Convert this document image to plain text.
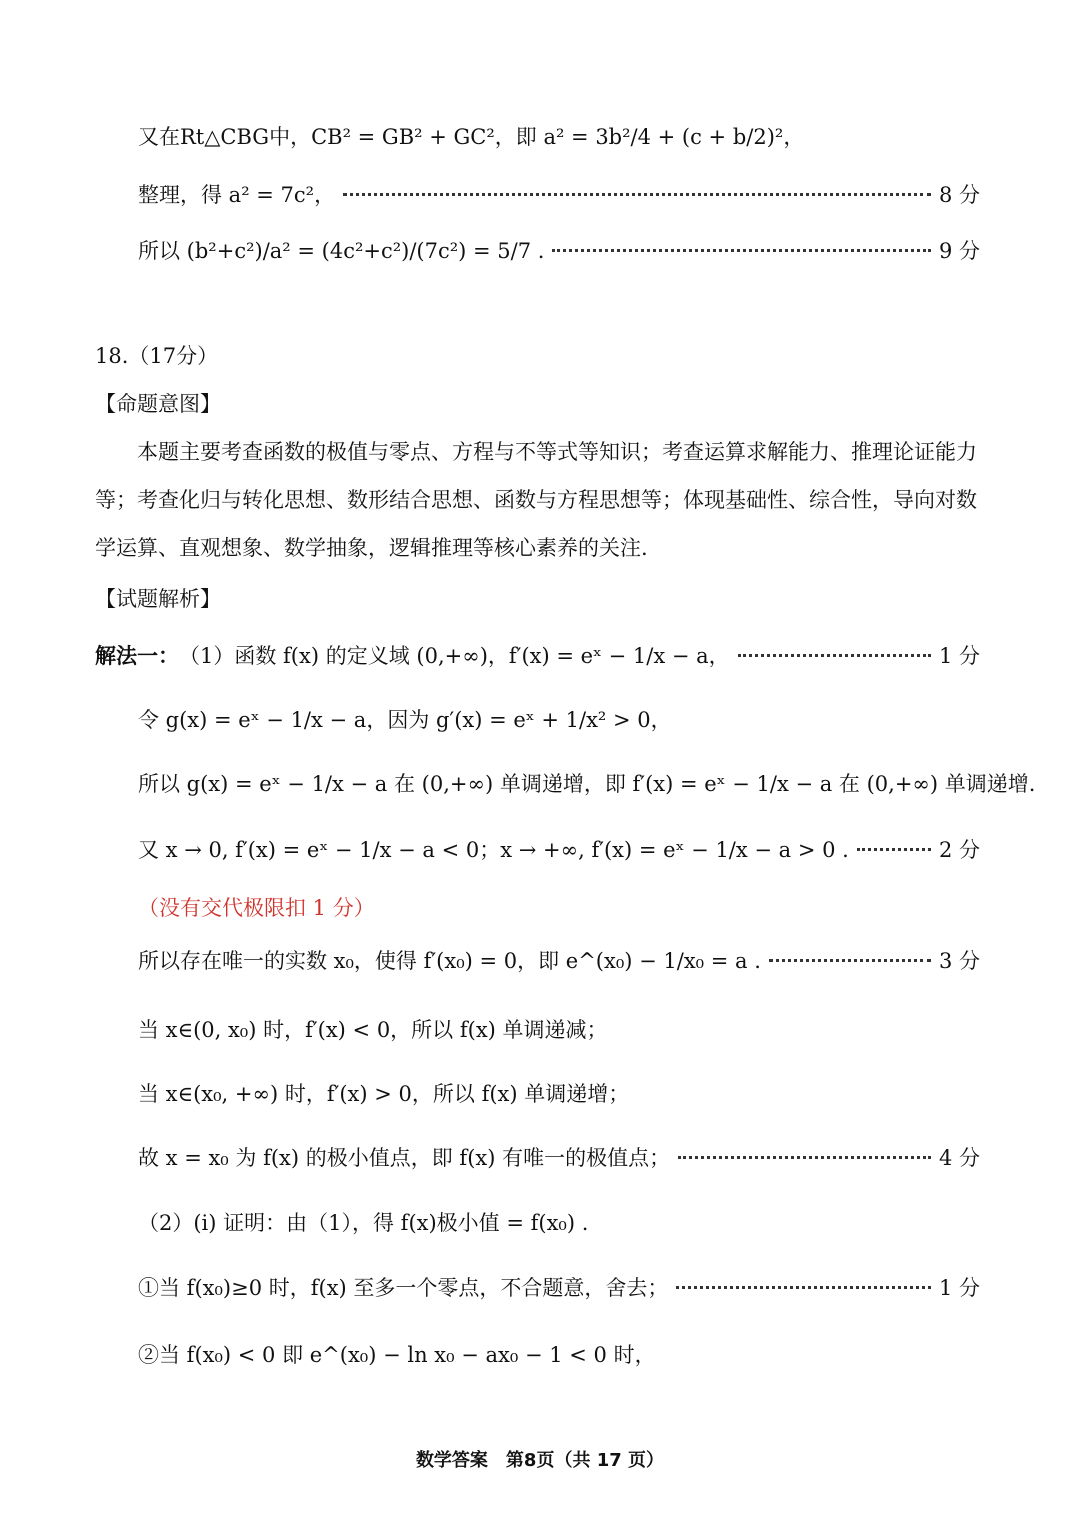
又在Rt△CBG中，CB² = GB² + GC²，即 a² = 3b²/4 + (c + b/2)²，
整理，得 a² = 7c²，	8 分
所以 (b²+c²)/a² = (4c²+c²)/(7c²) = 5/7 .	9 分
18.（17分）
【命题意图】
本题主要考查函数的极值与零点、方程与不等式等知识；考查运算求解能力、推理论证能力等；考查化归与转化思想、数形结合思想、函数与方程思想等；体现基础性、综合性，导向对数学运算、直观想象、数学抽象，逻辑推理等核心素养的关注.
【试题解析】
解法一： （1）函数 f(x) 的定义域 (0,+∞)，f′(x) = eˣ − 1/x − a，	1 分
令 g(x) = eˣ − 1/x − a，因为 g′(x) = eˣ + 1/x² > 0，
所以 g(x) = eˣ − 1/x − a 在 (0,+∞) 单调递增，即 f′(x) = eˣ − 1/x − a 在 (0,+∞) 单调递增.
又 x → 0, f′(x) = eˣ − 1/x − a < 0；x → +∞, f′(x) = eˣ − 1/x − a > 0 .	2 分
（没有交代极限扣 1 分）
所以存在唯一的实数 x₀，使得 f′(x₀) = 0，即 e^(x₀) − 1/x₀ = a .	3 分
当 x∈(0, x₀) 时，f′(x) < 0，所以 f(x) 单调递减；
当 x∈(x₀, +∞) 时，f′(x) > 0，所以 f(x) 单调递增；
故 x = x₀ 为 f(x) 的极小值点，即 f(x) 有唯一的极值点；	4 分
（2）(i) 证明：由（1），得 f(x)极小值 = f(x₀) .
①当 f(x₀)≥0 时，f(x) 至多一个零点，不合题意，舍去；	1 分
②当 f(x₀) < 0 即 e^(x₀) − ln x₀ − ax₀ − 1 < 0 时，
数学答案　第8页（共 17 页）
